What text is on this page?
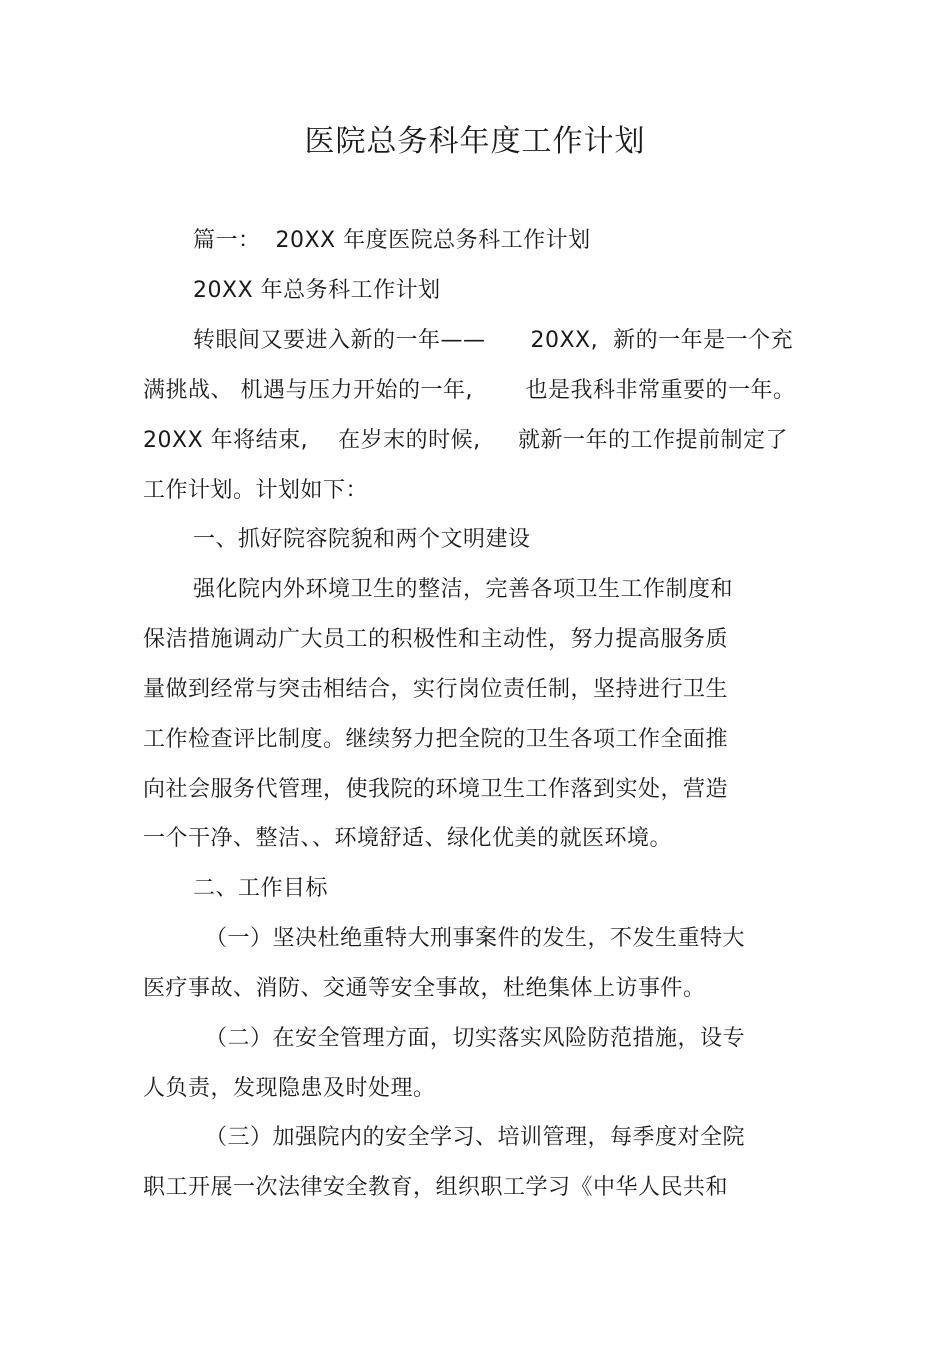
医院总务科年度工作计划
篇一：  20XX 年度医院总务科工作计划
20XX 年总务科工作计划
转眼间又要进入新的一年——      20XX,  新的一年是一个充
满挑战、 机遇与压力开始的一年,       也是我科非常重要的一年。
20XX 年将结束,    在岁末的时候,     就新一年的工作提前制定了
工作计划。计划如下：
一、抓好院容院貌和两个文明建设
强化院内外环境卫生的整洁，完善各项卫生工作制度和
保洁措施调动广大员工的积极性和主动性，努力提高服务质
量做到经常与突击相结合，实行岗位责任制，坚持进行卫生
工作检查评比制度。继续努力把全院的卫生各项工作全面推
向社会服务代管理，使我院的环境卫生工作落到实处，营造
一个干净、整洁、、环境舒适、绿化优美的就医环境。
二、工作目标
（一）坚决杜绝重特大刑事案件的发生，不发生重特大
医疗事故、消防、交通等安全事故，杜绝集体上访事件。
（二）在安全管理方面，切实落实风险防范措施，设专
人负责，发现隐患及时处理。
（三）加强院内的安全学习、培训管理，每季度对全院
职工开展一次法律安全教育，组织职工学习《中华人民共和
